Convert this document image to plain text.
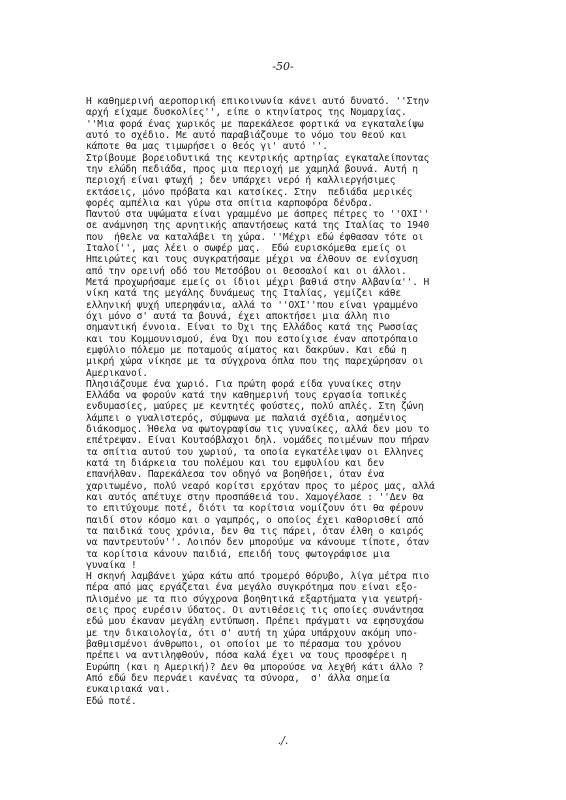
-50-
Η καθημερινή αεροπορική επικοινωνία κάνει αυτό δυνατό. ''Στην
αρχή είχαμε δυσκολίες'', είπε ο κτηνίατρος της Νομαρχίας.
''Μια φορά ένας χωρικός με παρεκάλεσε φορτικά να εγκαταλείψω
αυτό το σχέδιο. Με αυτό παραβιάζουμε το νόμο του θεού και
κάποτε θα μας τιμωρήσει ο θεός γι' αυτό ''.
Στρίβουμε βορειοδυτικά της κεντρικής αρτηρίας εγκαταλείποντας
την ελώδη πεδιάδα, προς μια περιοχή με χαμηλά βουνά. Αυτή η
περιοχή είναι φτωχή ; δεν υπάρχει νερό ή καλλιεργήσιμες
εκτάσεις, μόνο πρόβατα και κατσίκες. Στην  πεδιάδα μερικές
φορές αμπέλια και γύρω στα σπίτια καρποφόρα δένδρα.
Παντού στα υψώματα είναι γραμμένο με άσπρες πέτρες το ''ΟΧΙ''
σε ανάμνηση της αρνητικής απαντήσεως κατά της Ιταλίας το 1940
που  ήθελε να καταλάβει τη χώρα. ''Μέχρι εδώ έφθασαν τότε οι
Ιταλοί'', μας λέει ο σωφέρ μας.  Εδώ ευρισκόμεθα εμείς οι
Ηπειρώτες και τους συγκρατήσαμε μέχρι να έλθουν σε ενίσχυση
από την ορεινή οδό του Μετσόβου οι Θεσσαλοί και οι άλλοι.
Μετά προχωρήσαμε εμείς οι ίδιοι μέχρι βαθιά στην Αλβανία''. Η
νίκη κατά της μεγάλης δυνάμεως της Ιταλίας, γεμίζει κάθε
ελληνική ψυχή υπερηφάνια, αλλά το ''ΟΧΙ''που είναι γραμμένο
όχι μόνο σ' αυτά τα βουνά, έχει αποκτήσει μια άλλη πιο
σημαντική έννοια. Είναι το Όχι της Ελλάδος κατά της Ρωσσίας
και του Κομμουνισμού, ένα Όχι που εστοίχισε έναν αποτρόπαιο
εμφύλιο πόλεμο με ποταμούς αίματος και δακρύων. Και εδώ η
μικρή χώρα νίκησε με τα σύγχρονα όπλα που της παρεχώρησαν οι
Αμερικανοί.
Πλησιάζουμε ένα χωριό. Για πρώτη φορά είδα γυναίκες στην
Ελλάδα να φορούν κατά την καθημερινή τους εργασία τοπικές
ενδυμασίες, μαύρες με κεντητές φούστες, πολύ απλές. Στη ζώνη
λάμπει ο γυαλιστερός, σύμφωνα με παλαιά σχέδια, ασημένιος
διάκοσμος. Ήθελα να φωτογραφίσω τις γυναίκες, αλλά δεν μου το
επέτρεψαν. Είναι Κουτσόβλαχοι δηλ. νομάδες ποιμένων που πήραν
τα σπίτια αυτού του χωριού, τα οποία εγκατέλειψαν οι Ελληνες
κατά τη διάρκεια του πολέμου και του εμφυλίου και δεν
επανήλθαν. Παρεκάλεσα τον οδηγό να βοηθήσει, όταν ένα
χαριτωμένο, πολύ νεαρό κορίτσι ερχόταν προς το μέρος μας, αλλά
και αυτός απέτυχε στην προσπάθειά του. Χαμογέλασε : ''Δεν θα
το επιτύχουμε ποτέ, διότι τα κορίτσια νομίζουν ότι θα φέρουν
παιδί στον κόσμο και ο γαμπρός, ο οποίος έχει καθορισθεί από
τα παιδικά τους χρόνια, δεν θα τις πάρει, όταν έλθη ο καιρός
να παντρευτούν''. Λοιπόν δεν μπορούμε να κάνουμε τίποτε, όταν
τα κορίτσια κάνουν παιδιά, επειδή τους φωτογράφισε μια
γυναίκα !
Η σκηνή λαμβάνει χώρα κάτω από τρομερό θόρυβο, λίγα μέτρα πιο
πέρα από μας εργάζεται ένα μεγάλο συγκρότημα που είναι εξο-
πλισμένο με τα πιο σύγχρονα βοηθητικά εξαρτήματα για γεωτρή-
σεις προς ευρέσιν ύδατος. Οι αντιθέσεις τις οποίες συνάντησα
εδώ μου έκαναν μεγάλη εντύπωση. Πρέπει πράγματι να εφησυχάσω
με την δικαιολογία, ότι σ' αυτή τη χώρα υπάρχουν ακόμη υπο-
βαθμισμένοι άνθρωποι, οι οποίοι με το πέρασμα του χρόνου
πρέπει να αντιληφθούν, πόσα καλά έχει να τους προσφέρει η
Ευρώπη (και η Αμερική)? Δεν θα μπορούσε να λεχθή κάτι άλλο ?
Από εδώ δεν περνάει κανένας τα σύνορα,  σ' άλλα σημεία
ευκαιριακά ναι.
Εδώ ποτέ.
./.
